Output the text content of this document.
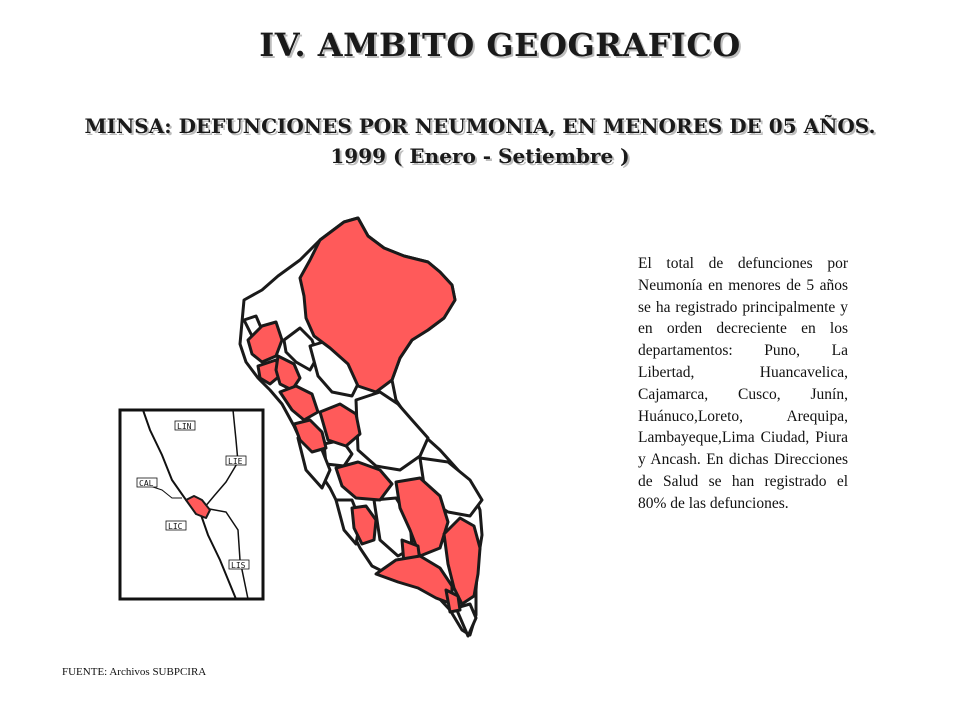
IV. AMBITO GEOGRAFICO
MINSA: DEFUNCIONES POR NEUMONIA, EN MENORES DE 05 AÑOS.
1999 ( Enero - Setiembre )
LIN
LIE
CAL
LIC
LIS
El total de defunciones por Neumonía en menores de 5 años se ha registrado principalmente y en orden decreciente en los departamentos: Puno, La Libertad, Huancavelica, Cajamarca, Cusco, Junín, Huánuco,Loreto, Arequipa, Lambayeque,Lima Ciudad, Piura y Ancash. En dichas Direcciones de Salud se han registrado el 80% de las defunciones.
FUENTE: Archivos SUBPCIRA
